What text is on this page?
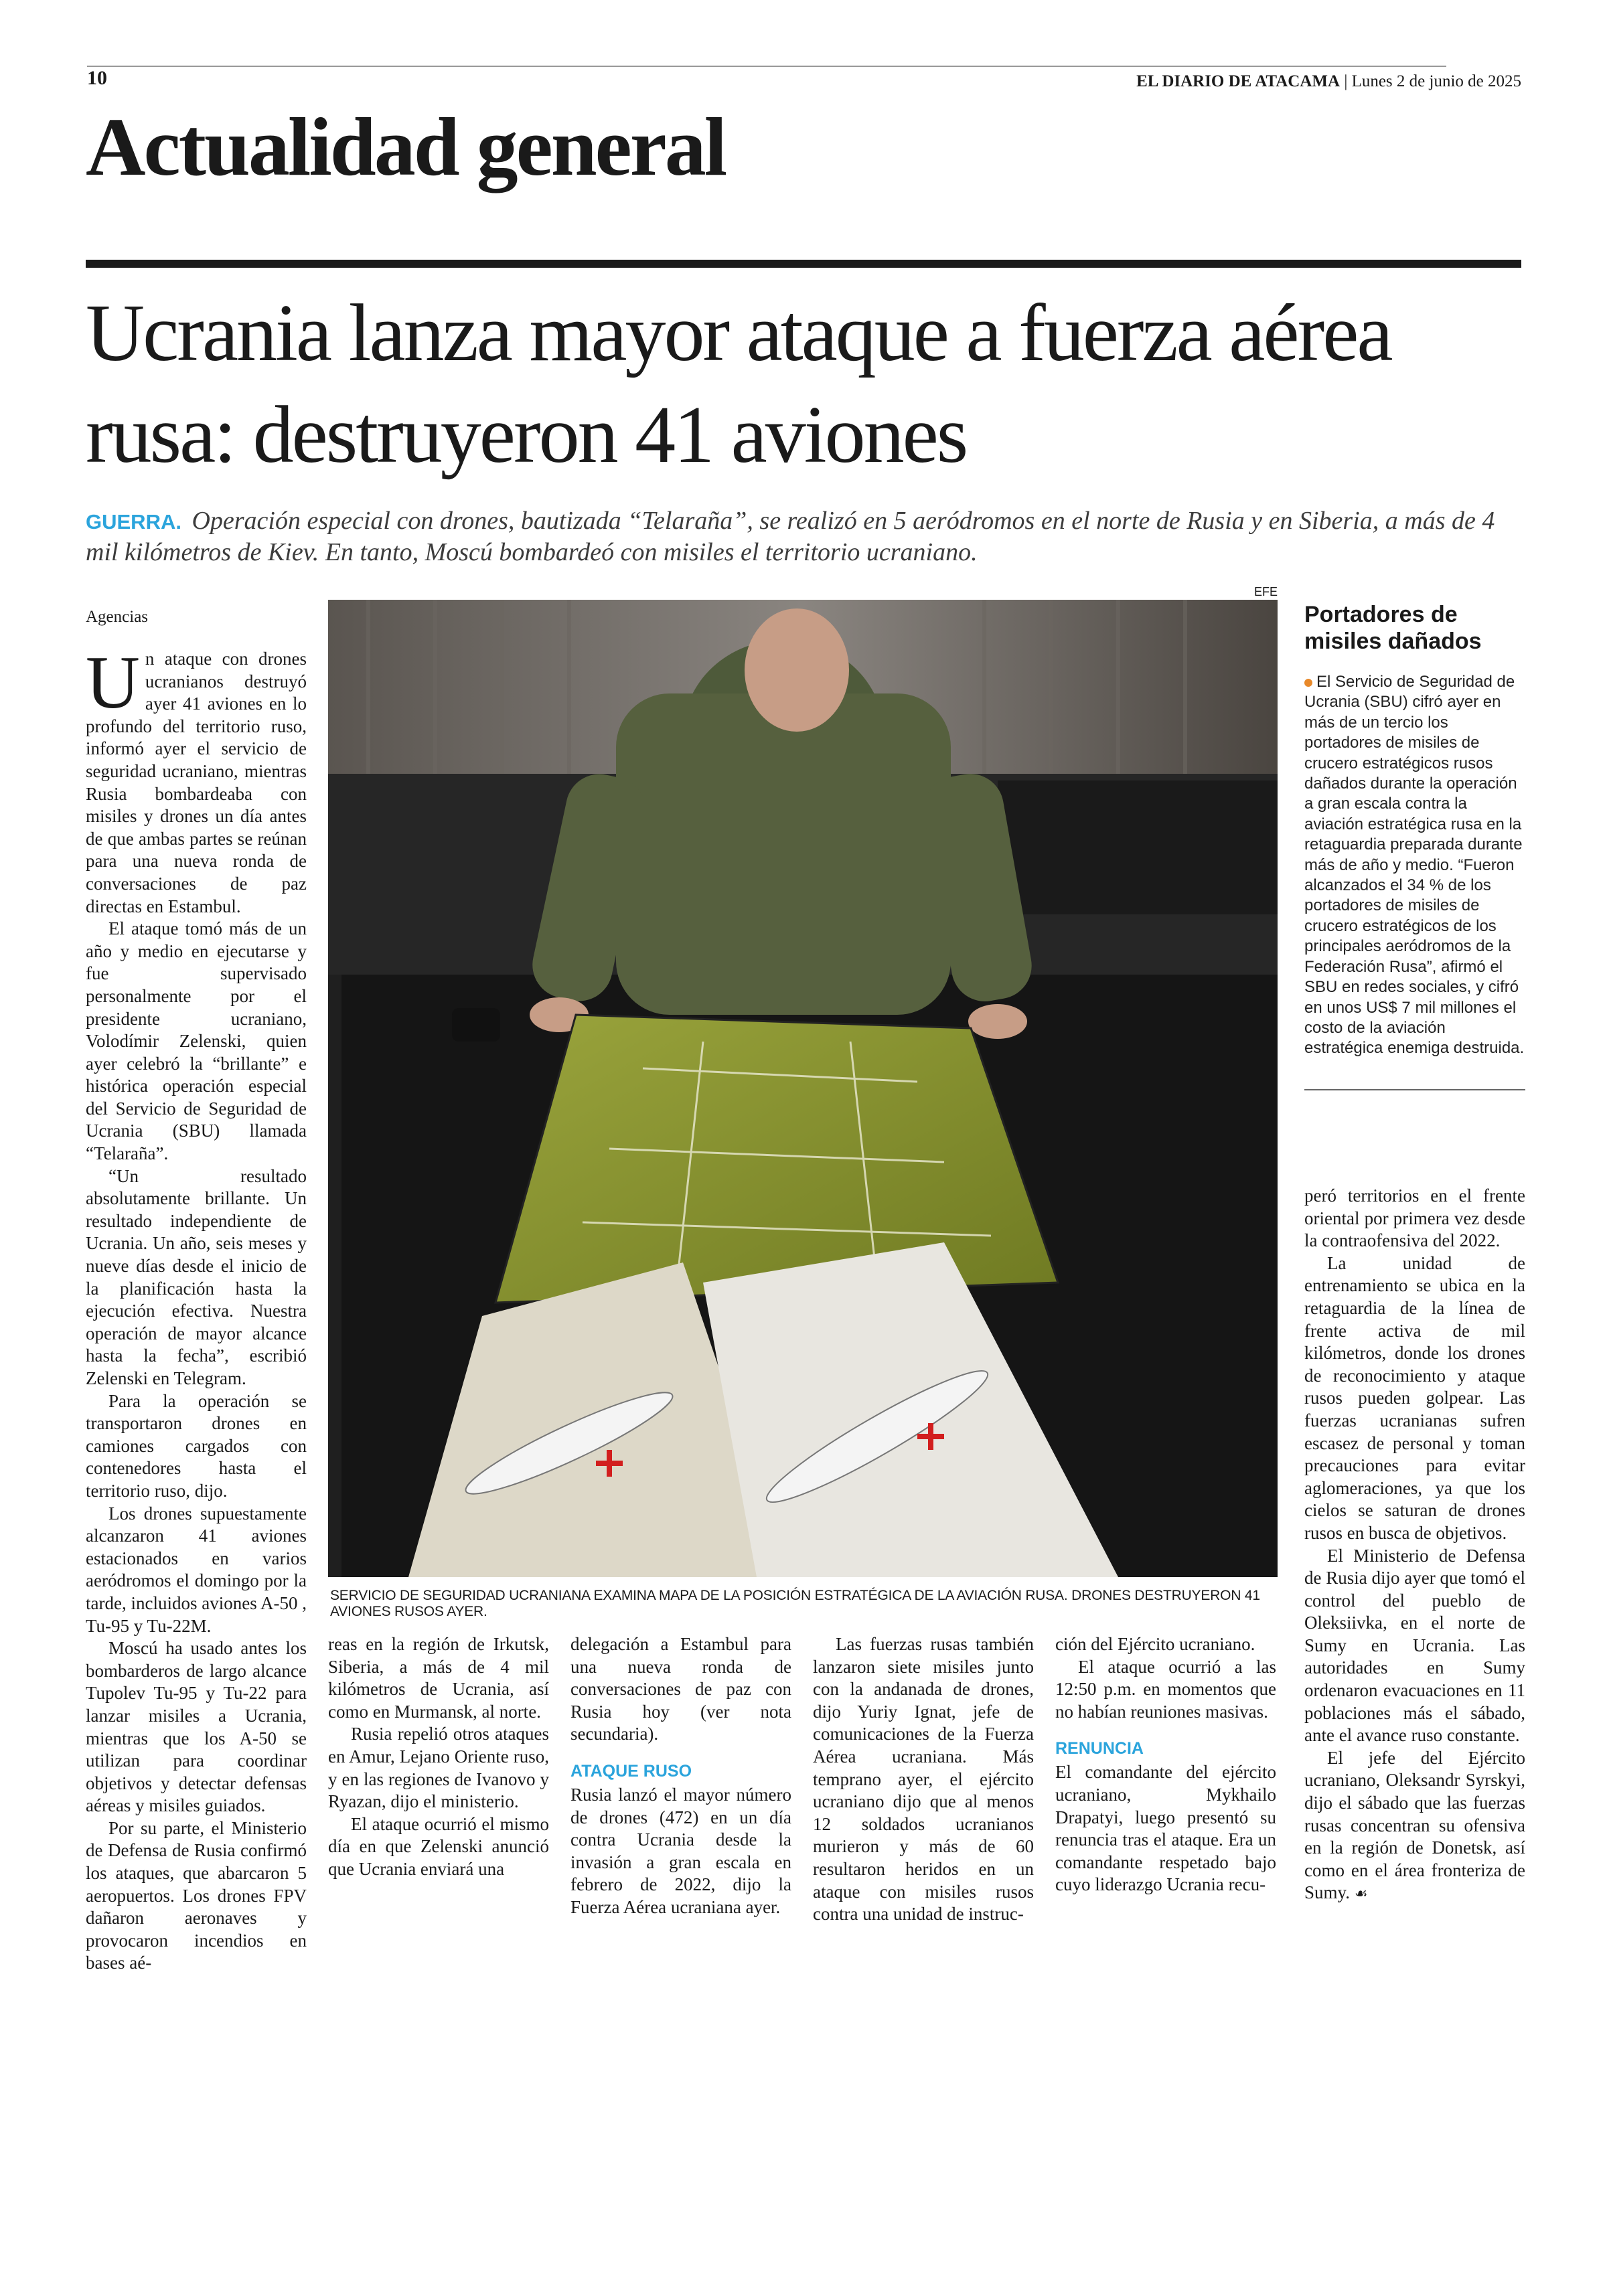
10	EL DIARIO DE ATACAMA | Lunes 2 de junio de 2025
Actualidad general
Ucrania lanza mayor ataque a fuerza aérea rusa: destruyeron 41 aviones
GUERRA. Operación especial con drones, bautizada “Telaraña”, se realizó en 5 aeródromos en el norte de Rusia y en Siberia, a más de 4 mil kilómetros de Kiev. En tanto, Moscú bombardeó con misiles el territorio ucraniano.
Agencias

Un ataque con drones ucranianos destruyó ayer 41 aviones en lo profundo del territorio ruso, informó ayer el servicio de seguridad ucraniano, mientras Rusia bombardeaba con misiles y drones un día antes de que ambas partes se reúnan para una nueva ronda de conversaciones de paz directas en Estambul.

El ataque tomó más de un año y medio en ejecutarse y fue supervisado personalmente por el presidente ucraniano, Volodímir Zelenski, quien ayer celebró la “brillante” e histórica operación especial del Servicio de Seguridad de Ucrania (SBU) llamada “Telaraña”.

“Un resultado absolutamente brillante. Un resultado independiente de Ucrania. Un año, seis meses y nueve días desde el inicio de la planificación hasta la ejecución efectiva. Nuestra operación de mayor alcance hasta la fecha”, escribió Zelenski en Telegram.

Para la operación se transportaron drones en camiones cargados con contenedores hasta el territorio ruso, dijo.

Los drones supuestamente alcanzaron 41 aviones estacionados en varios aeródromos el domingo por la tarde, incluidos aviones A-50 , Tu-95 y Tu-22M.

Moscú ha usado antes los bombarderos de largo alcance Tupolev Tu-95 y Tu-22 para lanzar misiles a Ucrania, mientras que los A-50 se utilizan para coordinar objetivos y detectar defensas aéreas y misiles guiados.

Por su parte, el Ministerio de Defensa de Rusia confirmó los ataques, que abarcaron 5 aeropuertos. Los drones FPV dañaron aeronaves y provocaron incendios en bases aé-

EFE
SERVICIO DE SEGURIDAD UCRANIANA EXAMINA MAPA DE LA POSICIÓN ESTRATÉGICA DE LA AVIACIÓN RUSA. DRONES DESTRUYERON 41 AVIONES RUSOS AYER.
Portadores de misiles dañados
El Servicio de Seguridad de Ucrania (SBU) cifró ayer en más de un tercio los portadores de misiles de crucero estratégicos rusos dañados durante la operación a gran escala contra la aviación estratégica rusa en la retaguardia preparada durante más de año y medio. “Fueron alcanzados el 34 % de los portadores de misiles de crucero estratégicos de los principales aeródromos de la Federación Rusa”, afirmó el SBU en redes sociales, y cifró en unos US$ 7 mil millones el costo de la aviación estratégica enemiga destruida.

reas en la región de Irkutsk, Siberia, a más de 4 mil kilómetros de Ucrania, así como en Murmansk, al norte.

Rusia repelió otros ataques en Amur, Lejano Oriente ruso, y en las regiones de Ivanovo y Ryazan, dijo el ministerio.

El ataque ocurrió el mismo día en que Zelenski anunció que Ucrania enviará una

delegación a Estambul para una nueva ronda de conversaciones de paz con Rusia hoy (ver nota secundaria).

ATAQUE RUSO

Rusia lanzó el mayor número de drones (472) en un día contra Ucrania desde la invasión a gran escala en febrero de 2022, dijo la Fuerza Aérea ucraniana ayer.

Las fuerzas rusas también lanzaron siete misiles junto con la andanada de drones, dijo Yuriy Ignat, jefe de comunicaciones de la Fuerza Aérea ucraniana. Más temprano ayer, el ejército ucraniano dijo que al menos 12 soldados ucranianos murieron y más de 60 resultaron heridos en un ataque con misiles rusos contra una unidad de instruc-

ción del Ejército ucraniano.

El ataque ocurrió a las 12:50 p.m. en momentos que no habían reuniones masivas.

RENUNCIA

El comandante del ejército ucraniano, Mykhailo Drapatyi, luego presentó su renuncia tras el ataque. Era un comandante respetado bajo cuyo liderazgo Ucrania recu-

peró territorios en el frente oriental por primera vez desde la contraofensiva del 2022.

La unidad de entrenamiento se ubica en la retaguardia de la línea de frente activa de mil kilómetros, donde los drones de reconocimiento y ataque rusos pueden golpear. Las fuerzas ucranianas sufren escasez de personal y toman precauciones para evitar aglomeraciones, ya que los cielos se saturan de drones rusos en busca de objetivos.

El Ministerio de Defensa de Rusia dijo ayer que tomó el control del pueblo de Oleksiivka, en el norte de Sumy en Ucrania. Las autoridades en Sumy ordenaron evacuaciones en 11 poblaciones más el sábado, ante el avance ruso constante.

El jefe del Ejército ucraniano, Oleksandr Syrskyi, dijo el sábado que las fuerzas rusas concentran su ofensiva en la región de Donetsk, así como en el área fronteriza de Sumy. ☙
